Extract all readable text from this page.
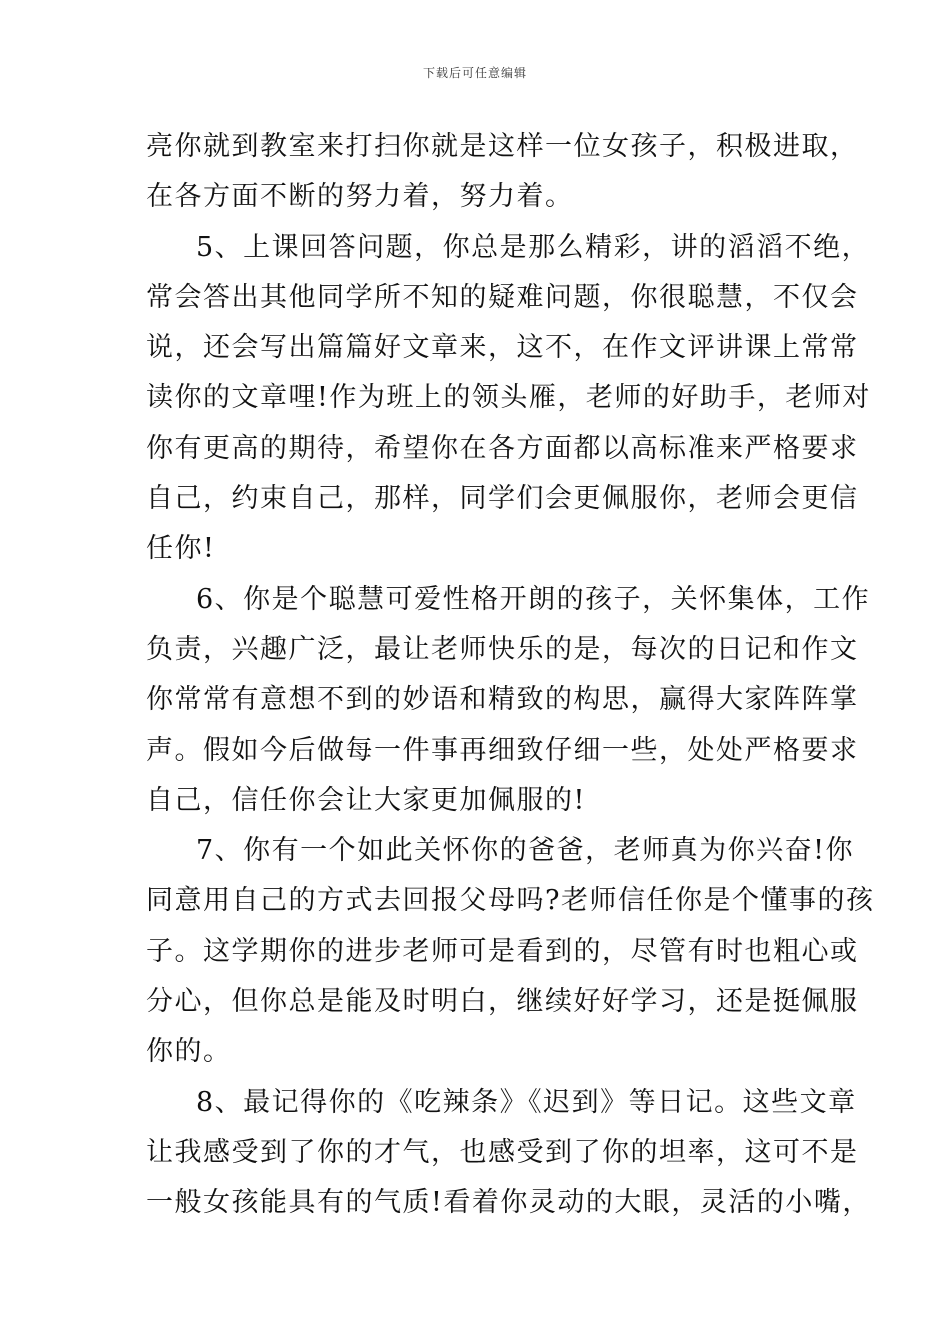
下载后可任意编辑
亮你就到教室来打扫你就是这样一位女孩子，积极进取，
在各方面不断的努力着，努力着。
5、上课回答问题，你总是那么精彩，讲的滔滔不绝，
常会答出其他同学所不知的疑难问题，你很聪慧，不仅会
说，还会写出篇篇好文章来，这不，在作文评讲课上常常
读你的文章哩!作为班上的领头雁，老师的好助手，老师对
你有更高的期待，希望你在各方面都以高标准来严格要求
自己，约束自己，那样，同学们会更佩服你，老师会更信
任你!
6、你是个聪慧可爱性格开朗的孩子，关怀集体，工作
负责，兴趣广泛，最让老师快乐的是，每次的日记和作文
你常常有意想不到的妙语和精致的构思，赢得大家阵阵掌
声。假如今后做每一件事再细致仔细一些，处处严格要求
自己，信任你会让大家更加佩服的!
7、你有一个如此关怀你的爸爸，老师真为你兴奋!你
同意用自己的方式去回报父母吗?老师信任你是个懂事的孩
子。这学期你的进步老师可是看到的，尽管有时也粗心或
分心，但你总是能及时明白，继续好好学习，还是挺佩服
你的。
8、最记得你的《吃辣条》《迟到》等日记。这些文章
让我感受到了你的才气，也感受到了你的坦率，这可不是
一般女孩能具有的气质!看着你灵动的大眼，灵活的小嘴，
